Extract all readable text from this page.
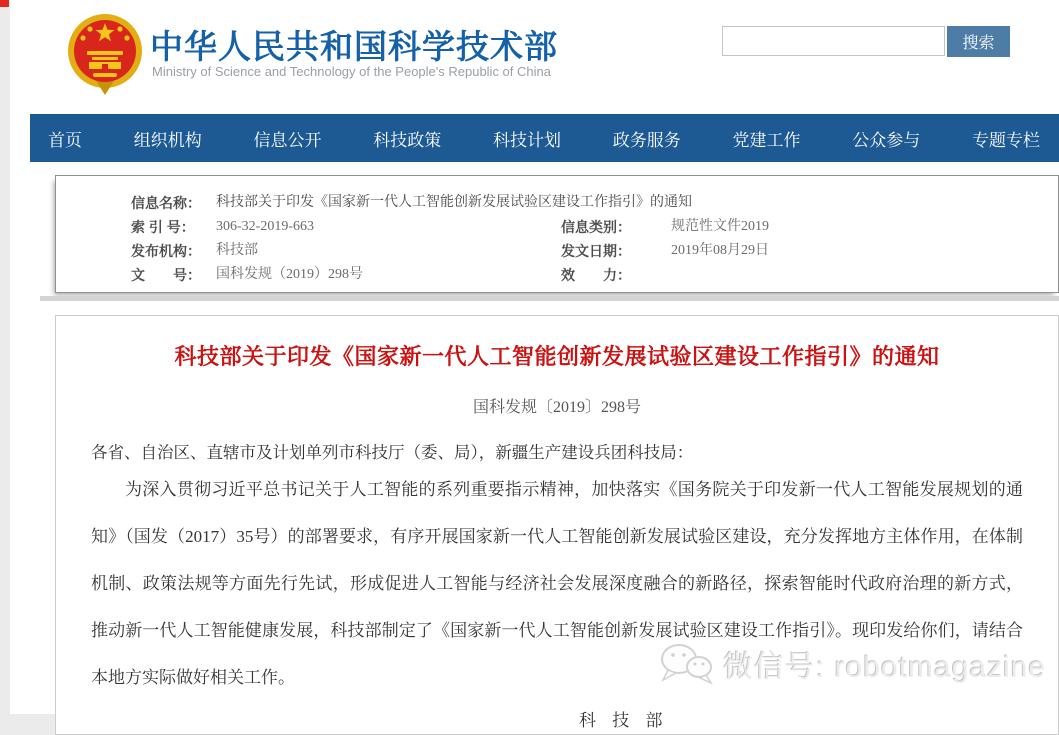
中华人民共和国科学技术部
Ministry of Science and Technology of the People's Republic of China
搜索
首页	组织机构	信息公开	科技政策	科技计划	政务服务	党建工作	公众参与	专题专栏
信息名称：	科技部关于印发《国家新一代人工智能创新发展试验区建设工作指引》的通知
索 引 号：	306-32-2019-663	信息类别：	规范性文件2019
发布机构：	科技部	发文日期：	2019年08月29日
文　　号：	国科发规（2019）298号	效　　力：
科技部关于印发《国家新一代人工智能创新发展试验区建设工作指引》的通知
国科发规〔2019〕298号
各省、自治区、直辖市及计划单列市科技厅（委、局），新疆生产建设兵团科技局：
为深入贯彻习近平总书记关于人工智能的系列重要指示精神，加快落实《国务院关于印发新一代人工智能发展规划的通知》（国发（2017）35号）的部署要求，有序开展国家新一代人工智能创新发展试验区建设，充分发挥地方主体作用，在体制机制、政策法规等方面先行先试，形成促进人工智能与经济社会发展深度融合的新路径，探索智能时代政府治理的新方式，推动新一代人工智能健康发展，科技部制定了《国家新一代人工智能创新发展试验区建设工作指引》。现印发给你们，请结合本地方实际做好相关工作。
科 技 部
微信号: robotmagazine
